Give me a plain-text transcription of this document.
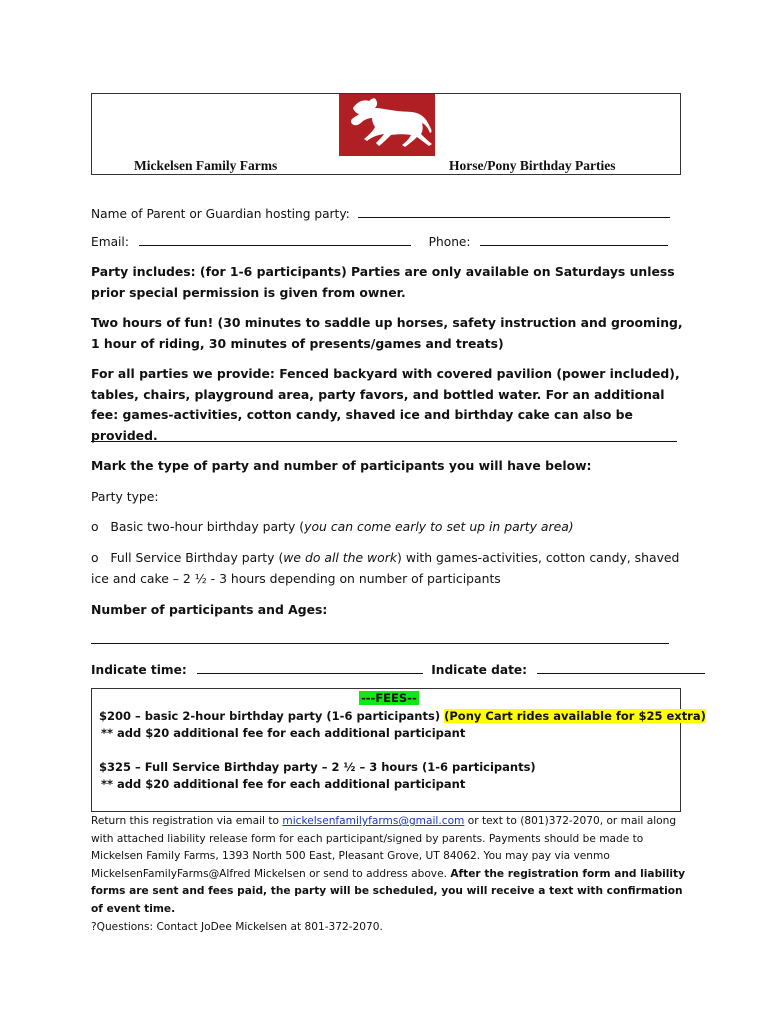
Mickelsen Family Farms	Horse/Pony Birthday Parties
Name of Parent or Guardian hosting party:
Email:	Phone:
Party includes: (for 1-6 participants) Parties are only available on Saturdays unless prior special permission is given from owner.
Two hours of fun! (30 minutes to saddle up horses, safety instruction and grooming, 1 hour of riding, 30 minutes of presents/games and treats)
For all parties we provide: Fenced backyard with covered pavilion (power included), tables, chairs, playground area, party favors, and bottled water. For an additional fee: games-activities, cotton candy, shaved ice and birthday cake can also be provided.
Mark the type of party and number of participants you will have below:
Party type:
o Basic two-hour birthday party (you can come early to set up in party area)
o Full Service Birthday party (we do all the work) with games-activities, cotton candy, shaved ice and cake – 2 ½ - 3 hours depending on number of participants
Number of participants and Ages:
Indicate time:	Indicate date:
---FEES--
$200 – basic 2-hour birthday party (1-6 participants) (Pony Cart rides available for $25 extra)
** add $20 additional fee for each additional participant
$325 – Full Service Birthday party – 2 ½ – 3 hours (1-6 participants)
** add $20 additional fee for each additional participant
Return this registration via email to mickelsenfamilyfarms@gmail.com or text to (801)372-2070, or mail along with attached liability release form for each participant/signed by parents. Payments should be made to Mickelsen Family Farms, 1393 North 500 East, Pleasant Grove, UT 84062. You may pay via venmo MickelsenFamilyFarms@Alfred Mickelsen or send to address above. After the registration form and liability forms are sent and fees paid, the party will be scheduled, you will receive a text with confirmation of event time.
?Questions: Contact JoDee Mickelsen at 801-372-2070.
